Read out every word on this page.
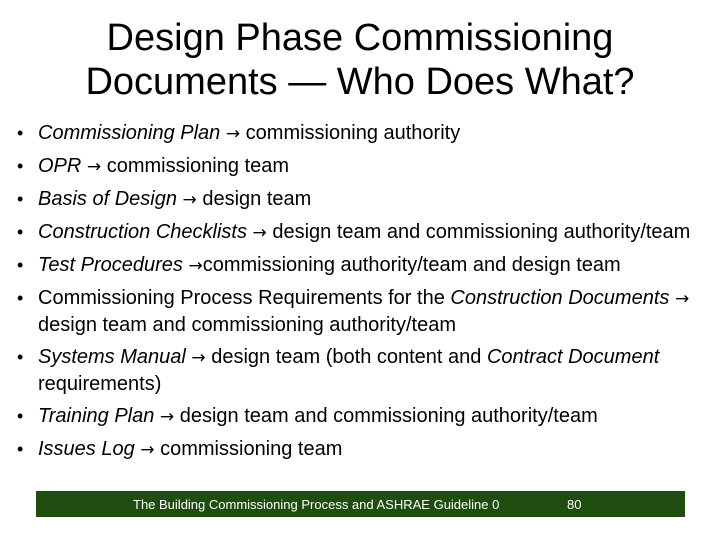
Design Phase Commissioning
Documents — Who Does What?
• Commissioning Plan → commissioning authority
• OPR → commissioning team
• Basis of Design → design team
• Construction Checklists → design team and commissioning authority/team
• Test Procedures →commissioning authority/team and design team
• Commissioning Process Requirements for the Construction Documents → design team and commissioning authority/team
• Systems Manual → design team (both content and Contract Document requirements)
• Training Plan → design team and commissioning authority/team
• Issues Log → commissioning team
The Building Commissioning Process and ASHRAE Guideline 0	80
